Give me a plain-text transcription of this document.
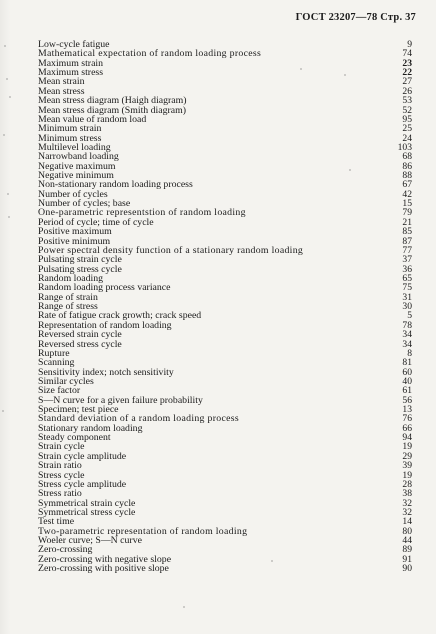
ГОСТ 23207—78 Стр. 37
Low-cycle fatigue	9
Mathematical expectation of random loading process	74
Maximum strain	23
Maximum stress	22
Mean strain	27
Mean stress	26
Mean stress diagram (Haigh diagram)	53
Mean stress diagram (Smith diagram)	52
Mean value of random load	95
Minimum strain	25
Minimum stress	24
Multilevel loading	103
Narrowband loading	68
Negative maximum	86
Negative minimum	88
Non-stationary random loading process	67
Number of cycles	42
Number of cycles; base	15
One-parametric representstion of random loading	79
Period of cycle; time of cycle	21
Positive maximum	85
Positive minimum	87
Power spectral density function of a stationary random loading	77
Pulsating strain cycle	37
Pulsating stress cycle	36
Random loading	65
Random loading process variance	75
Range of strain	31
Range of stress	30
Rate of fatigue crack growth; crack speed	5
Representation of random loading	78
Reversed strain cycle	34
Reversed stress cycle	34
Rupture	8
Scanning	81
Sensitivity index; notch sensitivity	60
Similar cycles	40
Size factor	61
S—N curve for a given failure probability	56
Specimen; test piece	13
Standard deviation of a random loading process	76
Stationary random loading	66
Steady component	94
Strain cycle	19
Strain cycle amplitude	29
Strain ratio	39
Stress cycle	19
Stress cycle amplitude	28
Stress ratio	38
Symmetrical strain cycle	32
Symmetrical stress cycle	32
Test time	14
Two-parametric representation of random loading	80
Woeler curve; S—N curve	44
Zero-crossing	89
Zero-crossing with negative slope	91
Zero-crossing with positive slope	90
